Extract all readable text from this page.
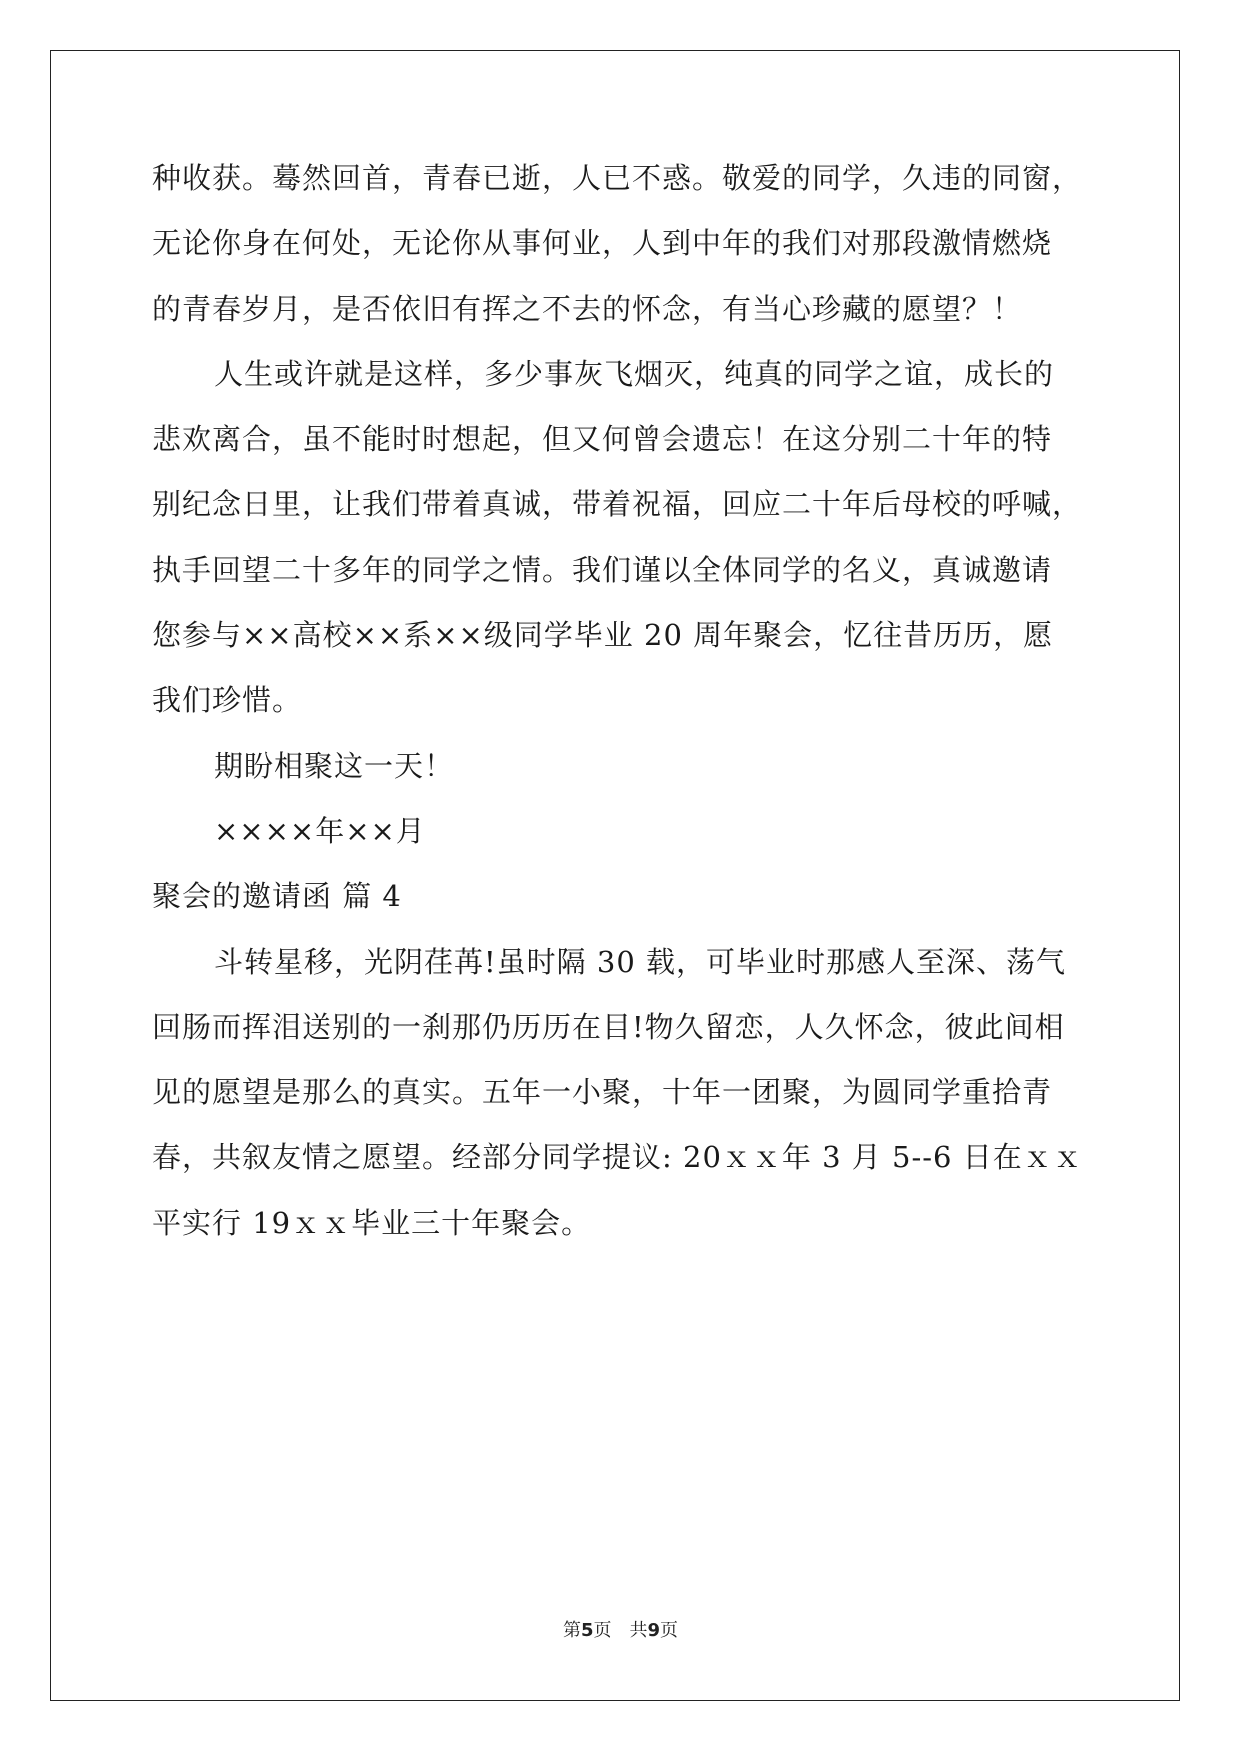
种收获。蓦然回首，青春已逝，人已不惑。敬爱的同学，久违的同窗，
无论你身在何处，无论你从事何业，人到中年的我们对那段激情燃烧
的青春岁月，是否依旧有挥之不去的怀念，有当心珍藏的愿望？！
人生或许就是这样，多少事灰飞烟灭，纯真的同学之谊，成长的
悲欢离合，虽不能时时想起，但又何曾会遗忘！在这分别二十年的特
别纪念日里，让我们带着真诚，带着祝福，回应二十年后母校的呼喊，
执手回望二十多年的同学之情。我们谨以全体同学的名义，真诚邀请
您参与××高校××系××级同学毕业 20 周年聚会，忆往昔历历，愿
我们珍惜。
期盼相聚这一天！
××××年××月
聚会的邀请函 篇 4
斗转星移，光阴荏苒!虽时隔 30 载，可毕业时那感人至深、荡气
回肠而挥泪送别的一刹那仍历历在目!物久留恋，人久怀念，彼此间相
见的愿望是那么的真实。五年一小聚，十年一团聚，为圆同学重拾青
春，共叙友情之愿望。经部分同学提议: 20ｘｘ年 3 月 5--6 日在ｘｘ
平实行 19ｘｘ毕业三十年聚会。
第5页　共9页
